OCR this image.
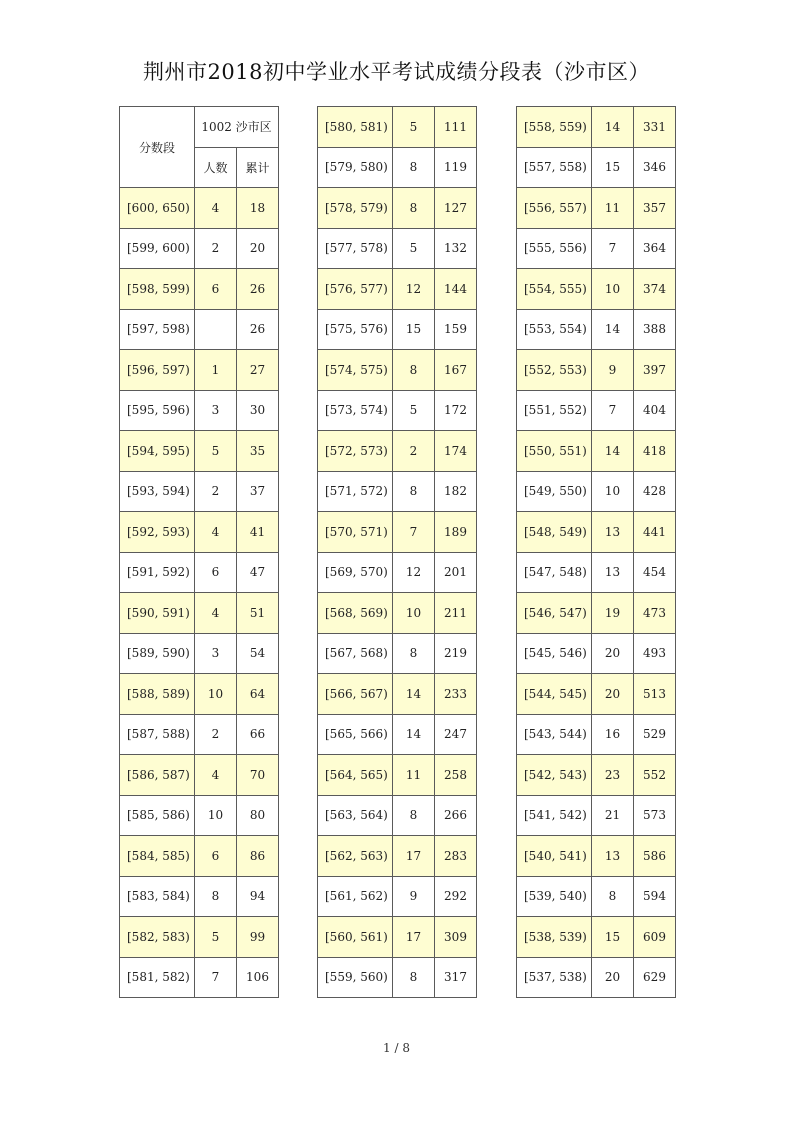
荆州市2018初中学业水平考试成绩分段表（沙市区）
分数段	1002 沙市区	
	人数	累计
[600, 650)	4	18
[599, 600)	2	20
[598, 599)	6	26
[597, 598)		26
[596, 597)	1	27
[595, 596)	3	30
[594, 595)	5	35
[593, 594)	2	37
[592, 593)	4	41
[591, 592)	6	47
[590, 591)	4	51
[589, 590)	3	54
[588, 589)	10	64
[587, 588)	2	66
[586, 587)	4	70
[585, 586)	10	80
[584, 585)	6	86
[583, 584)	8	94
[582, 583)	5	99
[581, 582)	7	106
[580, 581)	5	111
[579, 580)	8	119
[578, 579)	8	127
[577, 578)	5	132
[576, 577)	12	144
[575, 576)	15	159
[574, 575)	8	167
[573, 574)	5	172
[572, 573)	2	174
[571, 572)	8	182
[570, 571)	7	189
[569, 570)	12	201
[568, 569)	10	211
[567, 568)	8	219
[566, 567)	14	233
[565, 566)	14	247
[564, 565)	11	258
[563, 564)	8	266
[562, 563)	17	283
[561, 562)	9	292
[560, 561)	17	309
[559, 560)	8	317
[558, 559)	14	331
[557, 558)	15	346
[556, 557)	11	357
[555, 556)	7	364
[554, 555)	10	374
[553, 554)	14	388
[552, 553)	9	397
[551, 552)	7	404
[550, 551)	14	418
[549, 550)	10	428
[548, 549)	13	441
[547, 548)	13	454
[546, 547)	19	473
[545, 546)	20	493
[544, 545)	20	513
[543, 544)	16	529
[542, 543)	23	552
[541, 542)	21	573
[540, 541)	13	586
[539, 540)	8	594
[538, 539)	15	609
[537, 538)	20	629
1 / 8
